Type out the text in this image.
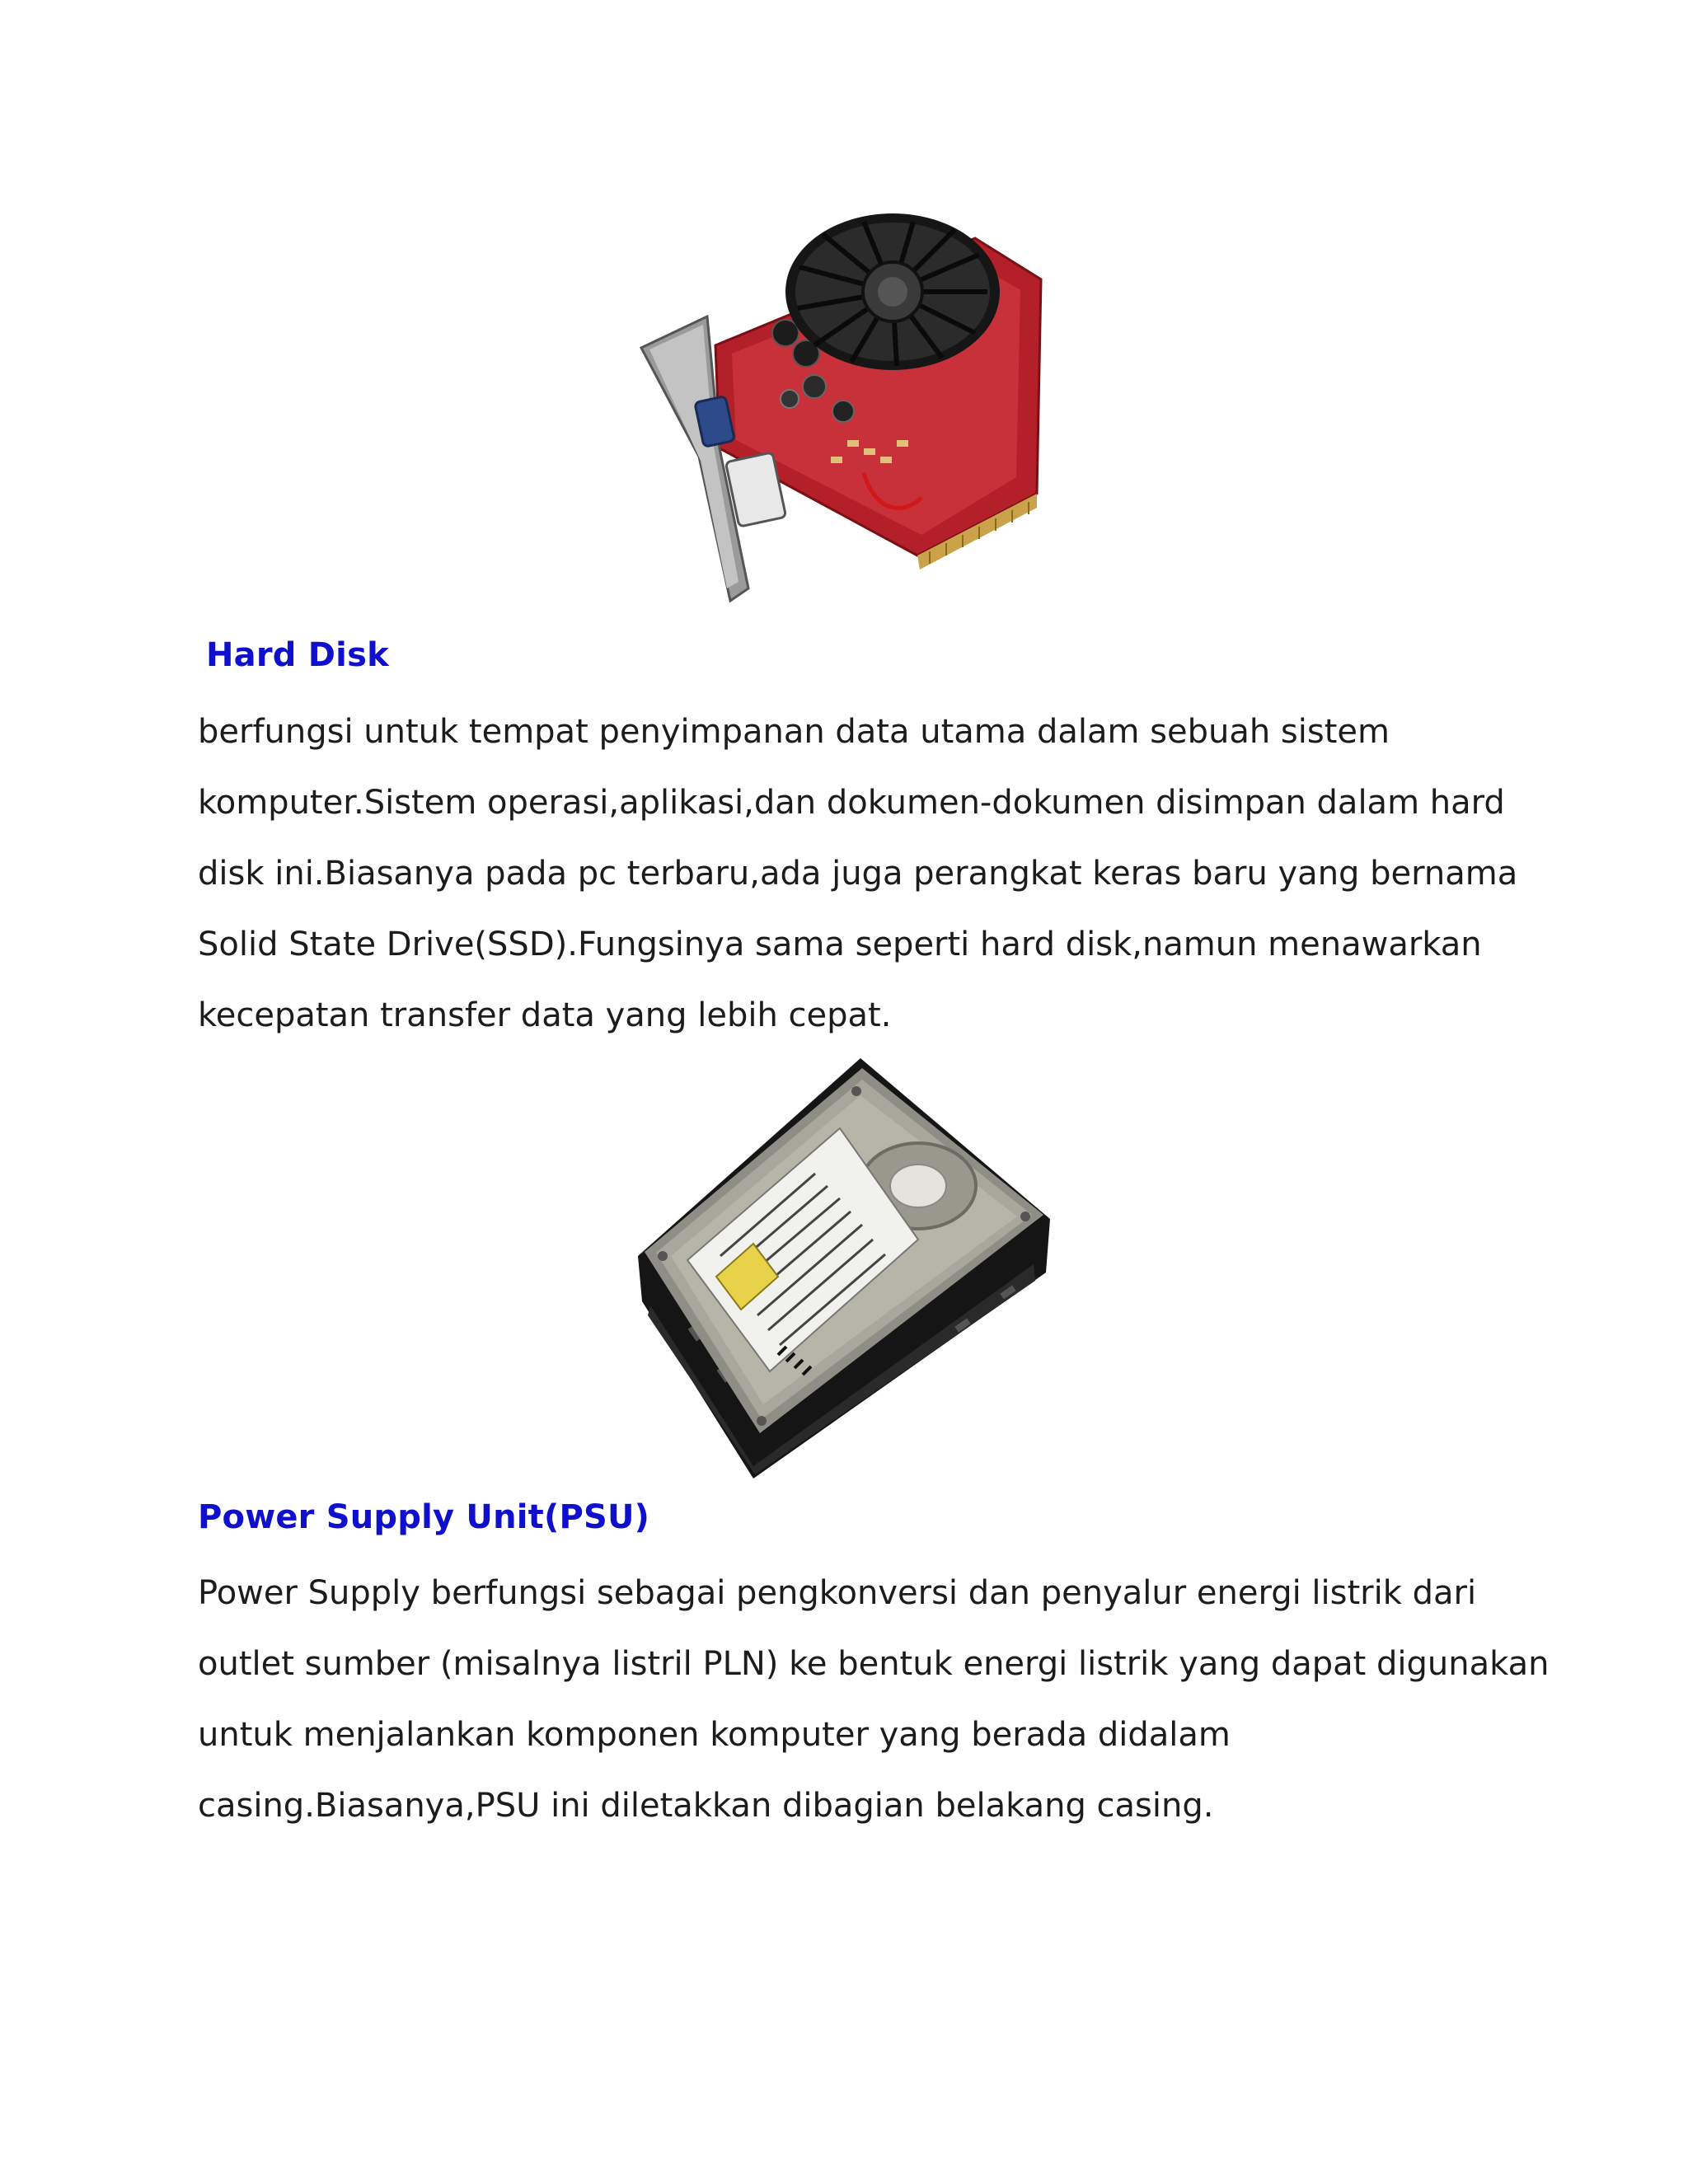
Hard Disk
berfungsi untuk tempat penyimpanan data utama dalam sebuah sistem
komputer.Sistem operasi,aplikasi,dan dokumen-dokumen disimpan dalam hard
disk ini.Biasanya pada pc terbaru,ada juga perangkat keras baru yang bernama
Solid State Drive(SSD).Fungsinya sama seperti hard disk,namun menawarkan
kecepatan transfer data yang lebih cepat.
Power Supply Unit(PSU)
Power Supply berfungsi sebagai pengkonversi dan penyalur energi listrik dari
outlet sumber (misalnya listril PLN) ke bentuk energi listrik yang dapat digunakan
untuk menjalankan komponen komputer yang berada didalam
casing.Biasanya,PSU ini diletakkan dibagian belakang casing.
